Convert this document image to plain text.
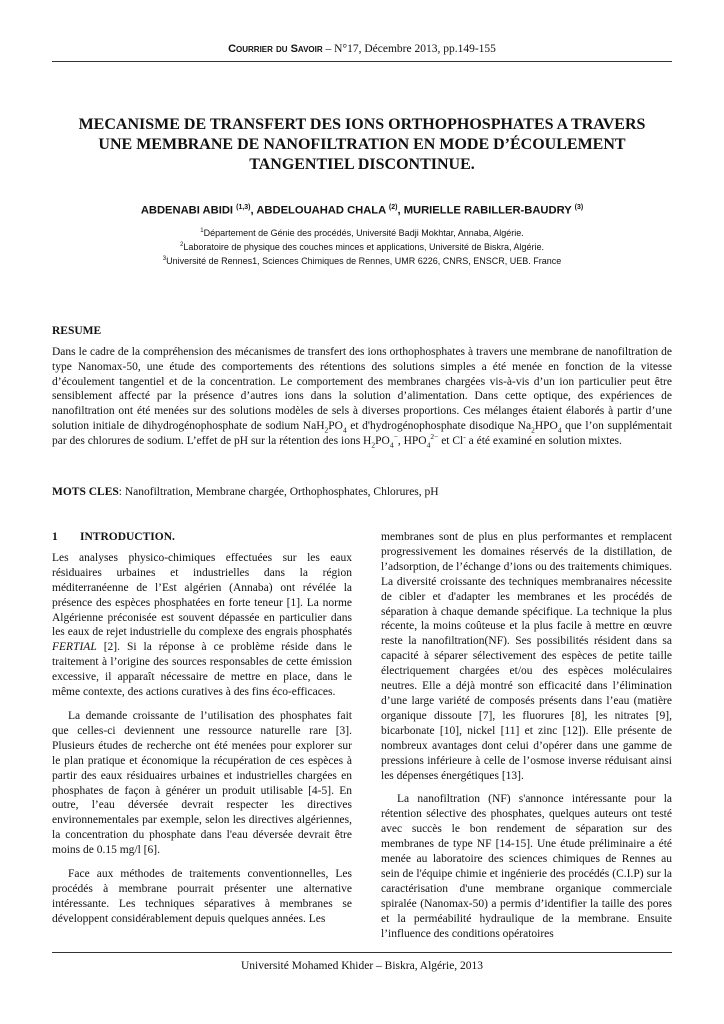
Courrier du Savoir – N°17, Décembre 2013, pp.149-155
MECANISME DE TRANSFERT DES IONS ORTHOPHOSPHATES A TRAVERS
UNE MEMBRANE DE NANOFILTRATION EN MODE D’ÉCOULEMENT
TANGENTIEL DISCONTINUE.
ABDENABI ABIDI $^{(1,3)}$, ABDELOUAHAD CHALA $^{(2)}$, MURIELLE RABILLER-BAUDRY $^{(3)}$
$^1$Département de Génie des procédés, Université Badji Mokhtar, Annaba, Algérie.
$^2$Laboratoire de physique des couches minces et applications, Université de Biskra, Algérie.
$^3$Université de Rennes1, Sciences Chimiques de Rennes, UMR 6226, CNRS, ENSCR, UEB. France
RESUME
Dans le cadre de la compréhension des mécanismes de transfert des ions orthophosphates à travers une membrane de nanofiltration de type Nanomax-50, une étude des comportements des rétentions des solutions simples a été menée en fonction de la vitesse d’écoulement tangentiel et de la concentration. Le comportement des membranes chargées vis-à-vis d’un ion particulier peut être sensiblement affecté par la présence d’autres ions dans la solution d’alimentation. Dans cette optique, des expériences de nanofiltration ont été menées sur des solutions modèles de sels à diverses proportions. Ces mélanges étaient élaborés à partir d’une solution initiale de dihydrogénophosphate de sodium $NaH_2PO_4$ et d'hydrogénophosphate disodique $Na_2HPO_4$ que l’on supplémentait par des chlorures de sodium. L’effet de pH sur la rétention des ions $H_2PO_4^-$, $HPO_4^{2-}$ et Cl- a été examiné en solution mixtes.
MOTS CLES: Nanofiltration, Membrane chargée, Orthophosphates, Chlorures, pH
1 INTRODUCTION.

Les analyses physico-chimiques effectuées sur les eaux résiduaires urbaines et industrielles dans la région méditerranéenne de l’Est algérien (Annaba) ont révélée la présence des espèces phosphatées en forte teneur [1]. La norme Algérienne préconisée est souvent dépassée en particulier dans les eaux de rejet industrielle du complexe des engrais phosphatés FERTIAL [2]. Si la réponse à ce problème réside dans le traitement à l’origine des sources responsables de cette émission excessive, il apparaît nécessaire de mettre en place, dans le même contexte, des actions curatives à des fins éco-efficaces.

La demande croissante de l’utilisation des phosphates fait que celles-ci deviennent une ressource naturelle rare [3]. Plusieurs études de recherche ont été menées pour explorer sur le plan pratique et économique la récupération de ces espèces à partir des eaux résiduaires urbaines et industrielles chargées en phosphates de façon à générer un produit utilisable [4-5]. En outre, l’eau déversée devrait respecter les directives environnementales par exemple, selon les directives algériennes, la concentration du phosphate dans l'eau déversée devrait être moins de 0.15 mg/l [6].

Face aux méthodes de traitements conventionnelles, Les procédés à membrane pourrait présenter une alternative intéressante. Les techniques séparatives à membranes se développent considérablement depuis quelques années. Les

membranes sont de plus en plus performantes et remplacent progressivement les domaines réservés de la distillation, de l’adsorption, de l’échange d’ions ou des traitements chimiques. La diversité croissante des techniques membranaires nécessite de cibler et d'adapter les membranes et les procédés de séparation à chaque demande spécifique. La technique la plus récente, la moins coûteuse et la plus facile à mettre en œuvre reste la nanofiltration(NF). Ses possibilités résident dans sa capacité à séparer sélectivement des espèces de petite taille électriquement chargées et/ou des espèces moléculaires neutres. Elle a déjà montré son efficacité dans l’élimination d’une large variété de composés présents dans l’eau (matière organique dissoute [7], les fluorures [8], les nitrates [9], bicarbonate [10], nickel [11] et zinc [12]). Elle présente de nombreux avantages dont celui d’opérer dans une gamme de pressions inférieure à celle de l’osmose inverse réduisant ainsi les dépenses énergétiques [13].

La nanofiltration (NF) s'annonce intéressante pour la rétention sélective des phosphates, quelques auteurs ont testé avec succès le bon rendement de séparation sur des membranes de type NF [14-15]. Une étude préliminaire a été menée au laboratoire des sciences chimiques de Rennes au sein de l'équipe chimie et ingénierie des procédés (C.I.P) sur la caractérisation d'une membrane organique commerciale spiralée (Nanomax-50) a permis d’identifier la taille des pores et la perméabilité hydraulique de la membrane. Ensuite l’influence des conditions opératoires

Université Mohamed Khider – Biskra, Algérie, 2013
